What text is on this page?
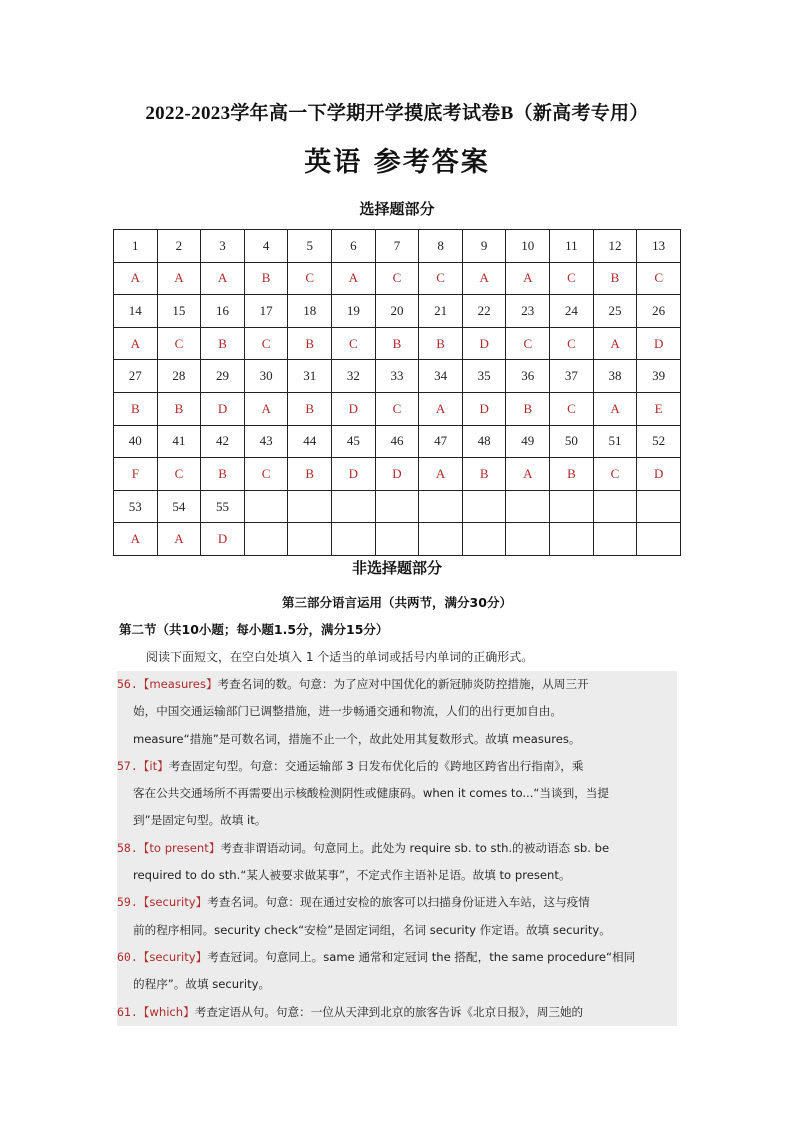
2022-2023学年高一下学期开学摸底考试卷B（新高考专用）
英语 参考答案
选择题部分
1	2	3	4	5	6	7	8	9	10	11	12	13
A	A	A	B	C	A	C	C	A	A	C	B	C
14	15	16	17	18	19	20	21	22	23	24	25	26
A	C	B	C	B	C	B	B	D	C	C	A	D
27	28	29	30	31	32	33	34	35	36	37	38	39
B	B	D	A	B	D	C	A	D	B	C	A	E
40	41	42	43	44	45	46	47	48	49	50	51	52
F	C	B	C	B	D	D	A	B	A	B	C	D
53	54	55										
A	A	D										
非选择题部分
第三部分语言运用（共两节，满分30分）
第二节（共10小题；每小题1.5分，满分15分）
阅读下面短文，在空白处填入 1 个适当的单词或括号内单词的正确形式。
56.【measures】考查名词的数。句意：为了应对中国优化的新冠肺炎防控措施，从周三开
始，中国交通运输部门已调整措施，进一步畅通交通和物流，人们的出行更加自由。
measure“措施”是可数名词，措施不止一个，故此处用其复数形式。故填 measures。
57.【it】考查固定句型。句意：交通运输部 3 日发布优化后的《跨地区跨省出行指南》，乘
客在公共交通场所不再需要出示核酸检测阴性或健康码。when it comes to...“当谈到，当提
到”是固定句型。故填 it。
58.【to present】考查非谓语动词。句意同上。此处为 require sb. to sth.的被动语态 sb. be
required to do sth.“某人被要求做某事”，不定式作主语补足语。故填 to present。
59.【security】考查名词。句意：现在通过安检的旅客可以扫描身份证进入车站，这与疫情
前的程序相同。security check“安检”是固定词组，名词 security 作定语。故填 security。
60.【security】考查冠词。句意同上。same 通常和定冠词 the 搭配，the same procedure“相同
的程序”。故填 security。
61.【which】考查定语从句。句意：一位从天津到北京的旅客告诉《北京日报》，周三她的
